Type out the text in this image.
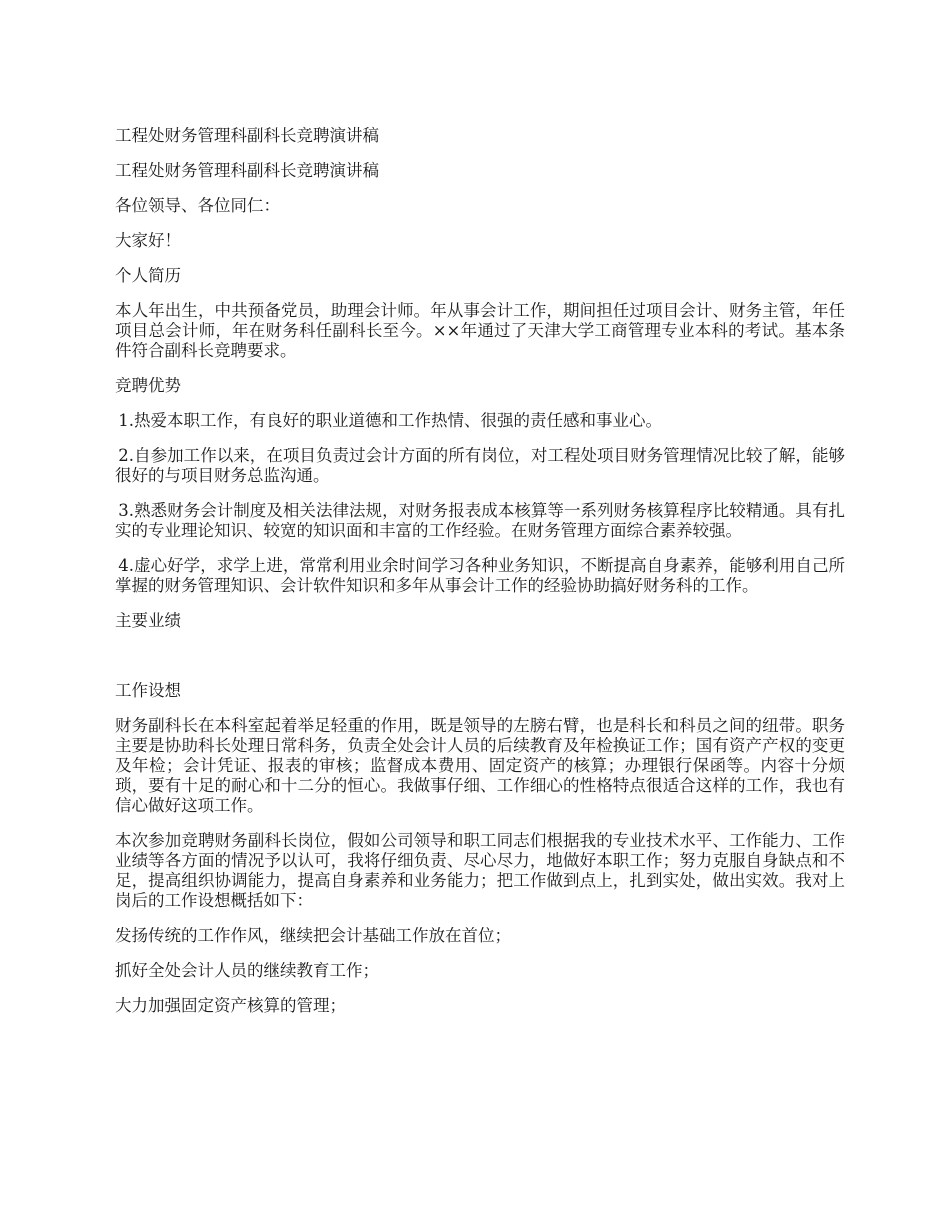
工程处财务管理科副科长竞聘演讲稿

工程处财务管理科副科长竞聘演讲稿

各位领导、各位同仁：

大家好！

个人简历

本人年出生，中共预备党员，助理会计师。年从事会计工作，期间担任过项目会计、财务主管，年任项目总会计师，年在财务科任副科长至今。××年通过了天津大学工商管理专业本科的考试。基本条件符合副科长竞聘要求。

竞聘优势

1.热爱本职工作，有良好的职业道德和工作热情、很强的责任感和事业心。

2.自参加工作以来，在项目负责过会计方面的所有岗位，对工程处项目财务管理情况比较了解，能够很好的与项目财务总监沟通。

3.熟悉财务会计制度及相关法律法规，对财务报表成本核算等一系列财务核算程序比较精通。具有扎实的专业理论知识、较宽的知识面和丰富的工作经验。在财务管理方面综合素养较强。

4.虚心好学，求学上进，常常利用业余时间学习各种业务知识，不断提高自身素养，能够利用自己所掌握的财务管理知识、会计软件知识和多年从事会计工作的经验协助搞好财务科的工作。

主要业绩

工作设想

财务副科长在本科室起着举足轻重的作用，既是领导的左膀右臂，也是科长和科员之间的纽带。职务主要是协助科长处理日常科务，负责全处会计人员的后续教育及年检换证工作；国有资产产权的变更及年检；会计凭证、报表的审核；监督成本费用、固定资产的核算；办理银行保函等。内容十分烦琐，要有十足的耐心和十二分的恒心。我做事仔细、工作细心的性格特点很适合这样的工作，我也有信心做好这项工作。

本次参加竞聘财务副科长岗位，假如公司领导和职工同志们根据我的专业技术水平、工作能力、工作业绩等各方面的情况予以认可，我将仔细负责、尽心尽力，地做好本职工作；努力克服自身缺点和不足，提高组织协调能力，提高自身素养和业务能力；把工作做到点上，扎到实处，做出实效。我对上岗后的工作设想概括如下：

发扬传统的工作作风，继续把会计基础工作放在首位；

抓好全处会计人员的继续教育工作；

大力加强固定资产核算的管理；
